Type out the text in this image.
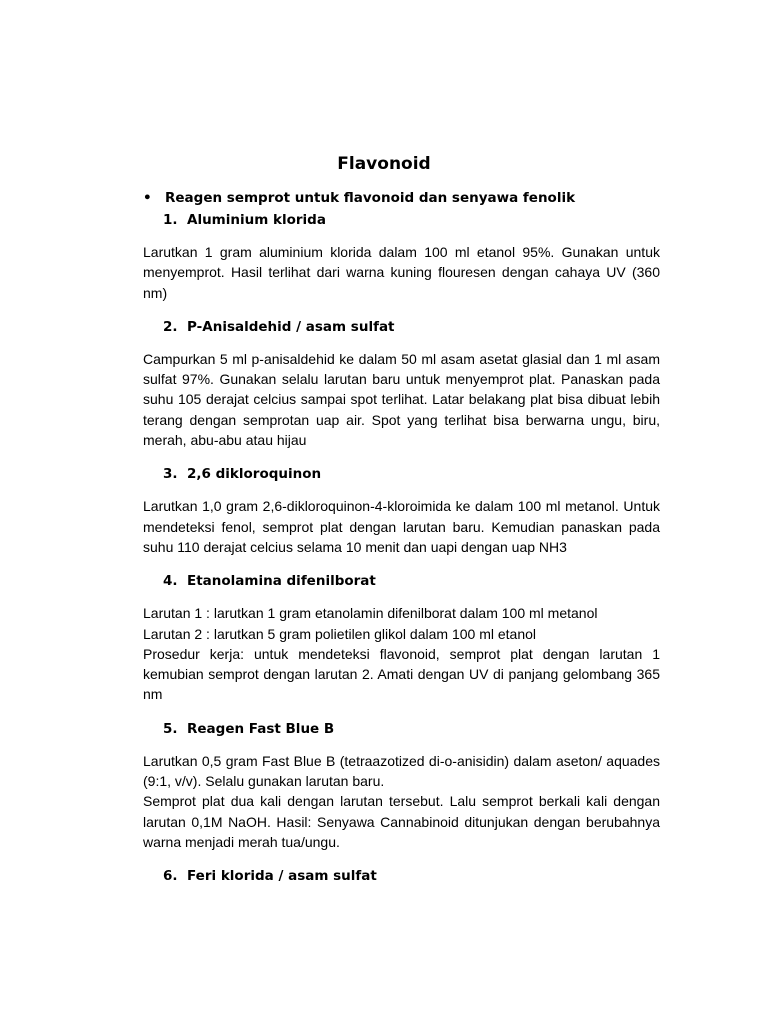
Flavonoid
• Reagen semprot untuk flavonoid dan senyawa fenolik
1. Aluminium klorida

Larutkan 1 gram aluminium klorida dalam 100 ml etanol 95%. Gunakan untuk menyemprot. Hasil terlihat dari warna kuning flouresen dengan cahaya UV (360 nm)

2. P-Anisaldehid / asam sulfat

Campurkan 5 ml p-anisaldehid ke dalam 50 ml asam asetat glasial dan 1 ml asam sulfat 97%. Gunakan selalu larutan baru untuk menyemprot plat. Panaskan pada suhu 105 derajat celcius sampai spot terlihat. Latar belakang plat bisa dibuat lebih terang dengan semprotan uap air. Spot yang terlihat bisa berwarna ungu, biru, merah, abu-abu atau hijau

3. 2,6 dikloroquinon

Larutkan 1,0 gram 2,6-dikloroquinon-4-kloroimida ke dalam 100 ml metanol. Untuk mendeteksi fenol, semprot plat dengan larutan baru. Kemudian panaskan pada suhu 110 derajat celcius selama 10 menit dan uapi dengan uap NH3

4. Etanolamina difenilborat

Larutan 1 : larutkan 1 gram etanolamin difenilborat dalam 100 ml metanol

Larutan 2 : larutkan 5 gram polietilen glikol dalam 100 ml etanol

Prosedur kerja: untuk mendeteksi flavonoid, semprot plat dengan larutan 1 kemubian semprot dengan larutan 2. Amati dengan UV di panjang gelombang 365 nm

5. Reagen Fast Blue B

Larutkan 0,5 gram Fast Blue B (tetraazotized di-o-anisidin) dalam aseton/ aquades (9:1, v/v). Selalu gunakan larutan baru.

Semprot plat dua kali dengan larutan tersebut. Lalu semprot berkali kali dengan larutan 0,1M NaOH. Hasil: Senyawa Cannabinoid ditunjukan dengan berubahnya warna menjadi merah tua/ungu.

6. Feri klorida / asam sulfat
